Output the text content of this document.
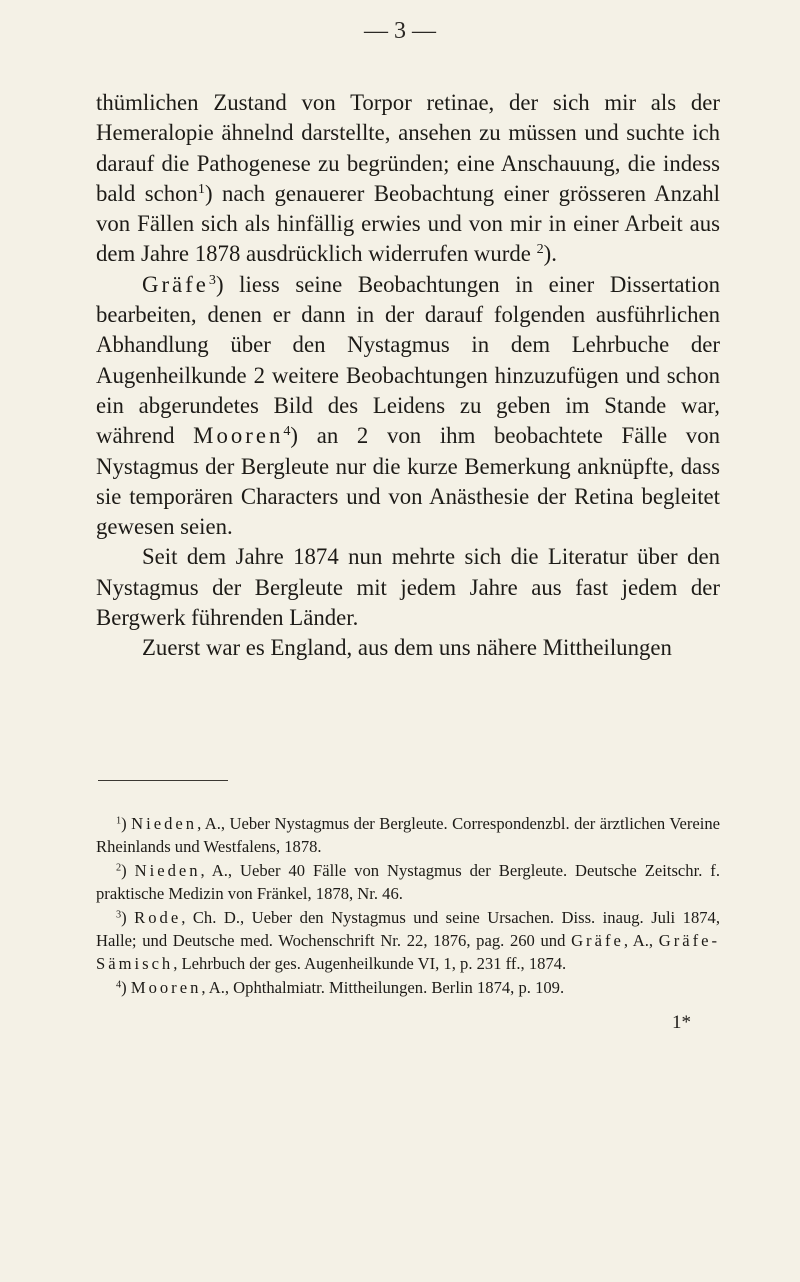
— 3 —

thümlichen Zustand von Torpor retinae, der sich mir als der Hemeralopie ähnelnd darstellte, ansehen zu müssen und suchte ich darauf die Pathogenese zu begründen; eine Anschauung, die indess bald schon$^1$) nach genauerer Beobachtung einer grösseren Anzahl von Fällen sich als hinfällig erwies und von mir in einer Arbeit aus dem Jahre 1878 ausdrücklich widerrufen wurde $^2$).

Gräfe$^3$) liess seine Beobachtungen in einer Dissertation bearbeiten, denen er dann in der darauf folgenden ausführlichen Abhandlung über den Nystagmus in dem Lehrbuche der Augenheilkunde 2 weitere Beobachtungen hinzuzufügen und schon ein abgerundetes Bild des Leidens zu geben im Stande war, während Mooren$^4$) an 2 von ihm beobachtete Fälle von Nystagmus der Bergleute nur die kurze Bemerkung anknüpfte, dass sie temporären Characters und von Anästhesie der Retina begleitet gewesen seien.

Seit dem Jahre 1874 nun mehrte sich die Literatur über den Nystagmus der Bergleute mit jedem Jahre aus fast jedem der Bergwerk führenden Länder.

Zuerst war es England, aus dem uns nähere Mittheilungen

$^1$) Nieden, A., Ueber Nystagmus der Bergleute. Correspondenzbl. der ärztlichen Vereine Rheinlands und Westfalens, 1878.

$^2$) Nieden, A., Ueber 40 Fälle von Nystagmus der Bergleute. Deutsche Zeitschr. f. praktische Medizin von Fränkel, 1878, Nr. 46.

$^3$) Rode, Ch. D., Ueber den Nystagmus und seine Ursachen. Diss. inaug. Juli 1874, Halle; und Deutsche med. Wochenschrift Nr. 22, 1876, pag. 260 und Gräfe, A., Gräfe-Sämisch, Lehrbuch der ges. Augenheilkunde VI, 1, p. 231 ff., 1874.

$^4$) Mooren, A., Ophthalmiatr. Mittheilungen. Berlin 1874, p. 109.

1*
